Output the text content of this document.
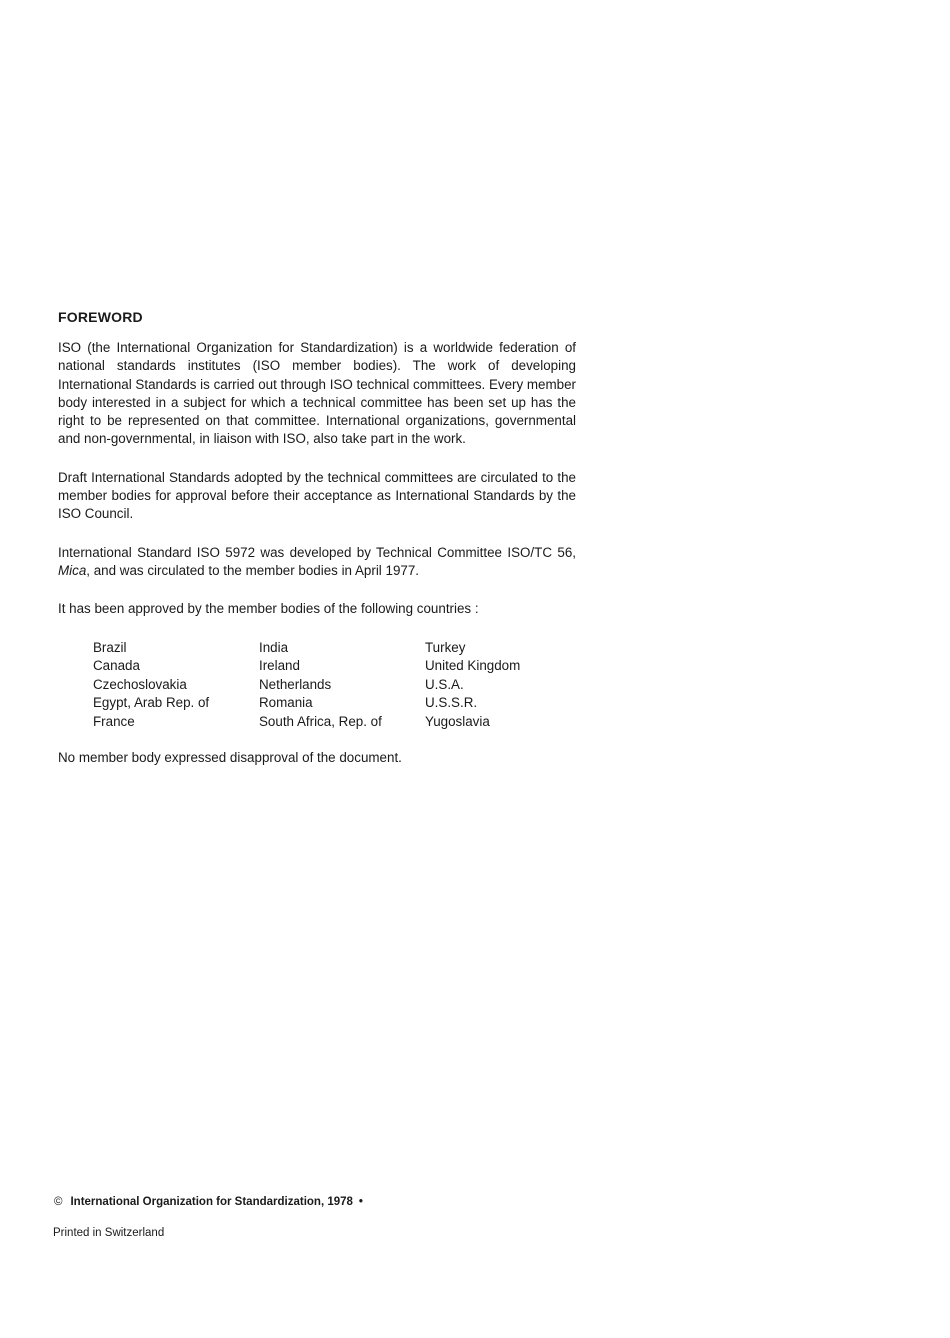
FOREWORD

ISO (the International Organization for Standardization) is a worldwide federation of national standards institutes (ISO member bodies). The work of developing International Standards is carried out through ISO technical committees. Every member body interested in a subject for which a technical committee has been set up has the right to be represented on that committee. International organizations, governmental and non-governmental, in liaison with ISO, also take part in the work.

Draft International Standards adopted by the technical committees are circulated to the member bodies for approval before their acceptance as International Standards by the ISO Council.

International Standard ISO 5972 was developed by Technical Committee ISO/TC 56, Mica, and was circulated to the member bodies in April 1977.

It has been approved by the member bodies of the following countries :

Brazil
Canada
Czechoslovakia
Egypt, Arab Rep. of
France
India
Ireland
Netherlands
Romania
South Africa, Rep. of
Turkey
United Kingdom
U.S.A.
U.S.S.R.
Yugoslavia

No member body expressed disapproval of the document.

© International Organization for Standardization, 1978 •
Printed in Switzerland
